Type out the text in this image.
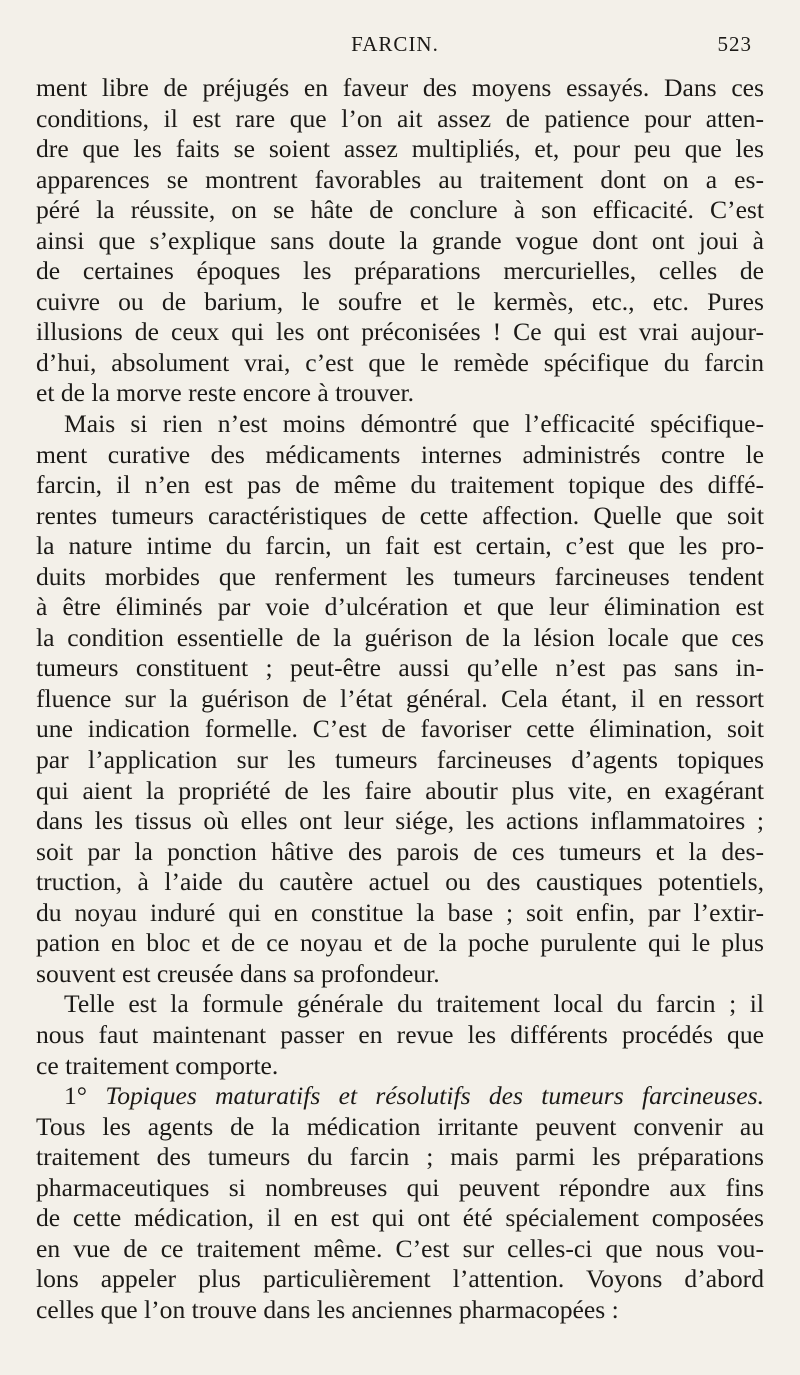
FARCIN.	523

ment libre de préjugés en faveur des moyens essayés. Dans ces
conditions, il est rare que l’on ait assez de patience pour atten-
dre que les faits se soient assez multipliés, et, pour peu que les
apparences se montrent favorables au traitement dont on a es-
péré la réussite, on se hâte de conclure à son efficacité. C’est
ainsi que s’explique sans doute la grande vogue dont ont joui à
de certaines époques les préparations mercurielles, celles de
cuivre ou de barium, le soufre et le kermès, etc., etc. Pures
illusions de ceux qui les ont préconisées ! Ce qui est vrai aujour-
d’hui, absolument vrai, c’est que le remède spécifique du farcin
et de la morve reste encore à trouver.

Mais si rien n’est moins démontré que l’efficacité spécifique-
ment curative des médicaments internes administrés contre le
farcin, il n’en est pas de même du traitement topique des diffé-
rentes tumeurs caractéristiques de cette affection. Quelle que soit
la nature intime du farcin, un fait est certain, c’est que les pro-
duits morbides que renferment les tumeurs farcineuses tendent
à être éliminés par voie d’ulcération et que leur élimination est
la condition essentielle de la guérison de la lésion locale que ces
tumeurs constituent ; peut-être aussi qu’elle n’est pas sans in-
fluence sur la guérison de l’état général. Cela étant, il en ressort
une indication formelle. C’est de favoriser cette élimination, soit
par l’application sur les tumeurs farcineuses d’agents topiques
qui aient la propriété de les faire aboutir plus vite, en exagérant
dans les tissus où elles ont leur siége, les actions inflammatoires ;
soit par la ponction hâtive des parois de ces tumeurs et la des-
truction, à l’aide du cautère actuel ou des caustiques potentiels,
du noyau induré qui en constitue la base ; soit enfin, par l’extir-
pation en bloc et de ce noyau et de la poche purulente qui le plus
souvent est creusée dans sa profondeur.

Telle est la formule générale du traitement local du farcin ; il
nous faut maintenant passer en revue les différents procédés que
ce traitement comporte.

1° Topiques maturatifs et résolutifs des tumeurs farcineuses.
Tous les agents de la médication irritante peuvent convenir au
traitement des tumeurs du farcin ; mais parmi les préparations
pharmaceutiques si nombreuses qui peuvent répondre aux fins
de cette médication, il en est qui ont été spécialement composées
en vue de ce traitement même. C’est sur celles-ci que nous vou-
lons appeler plus particulièrement l’attention. Voyons d’abord
celles que l’on trouve dans les anciennes pharmacopées :
